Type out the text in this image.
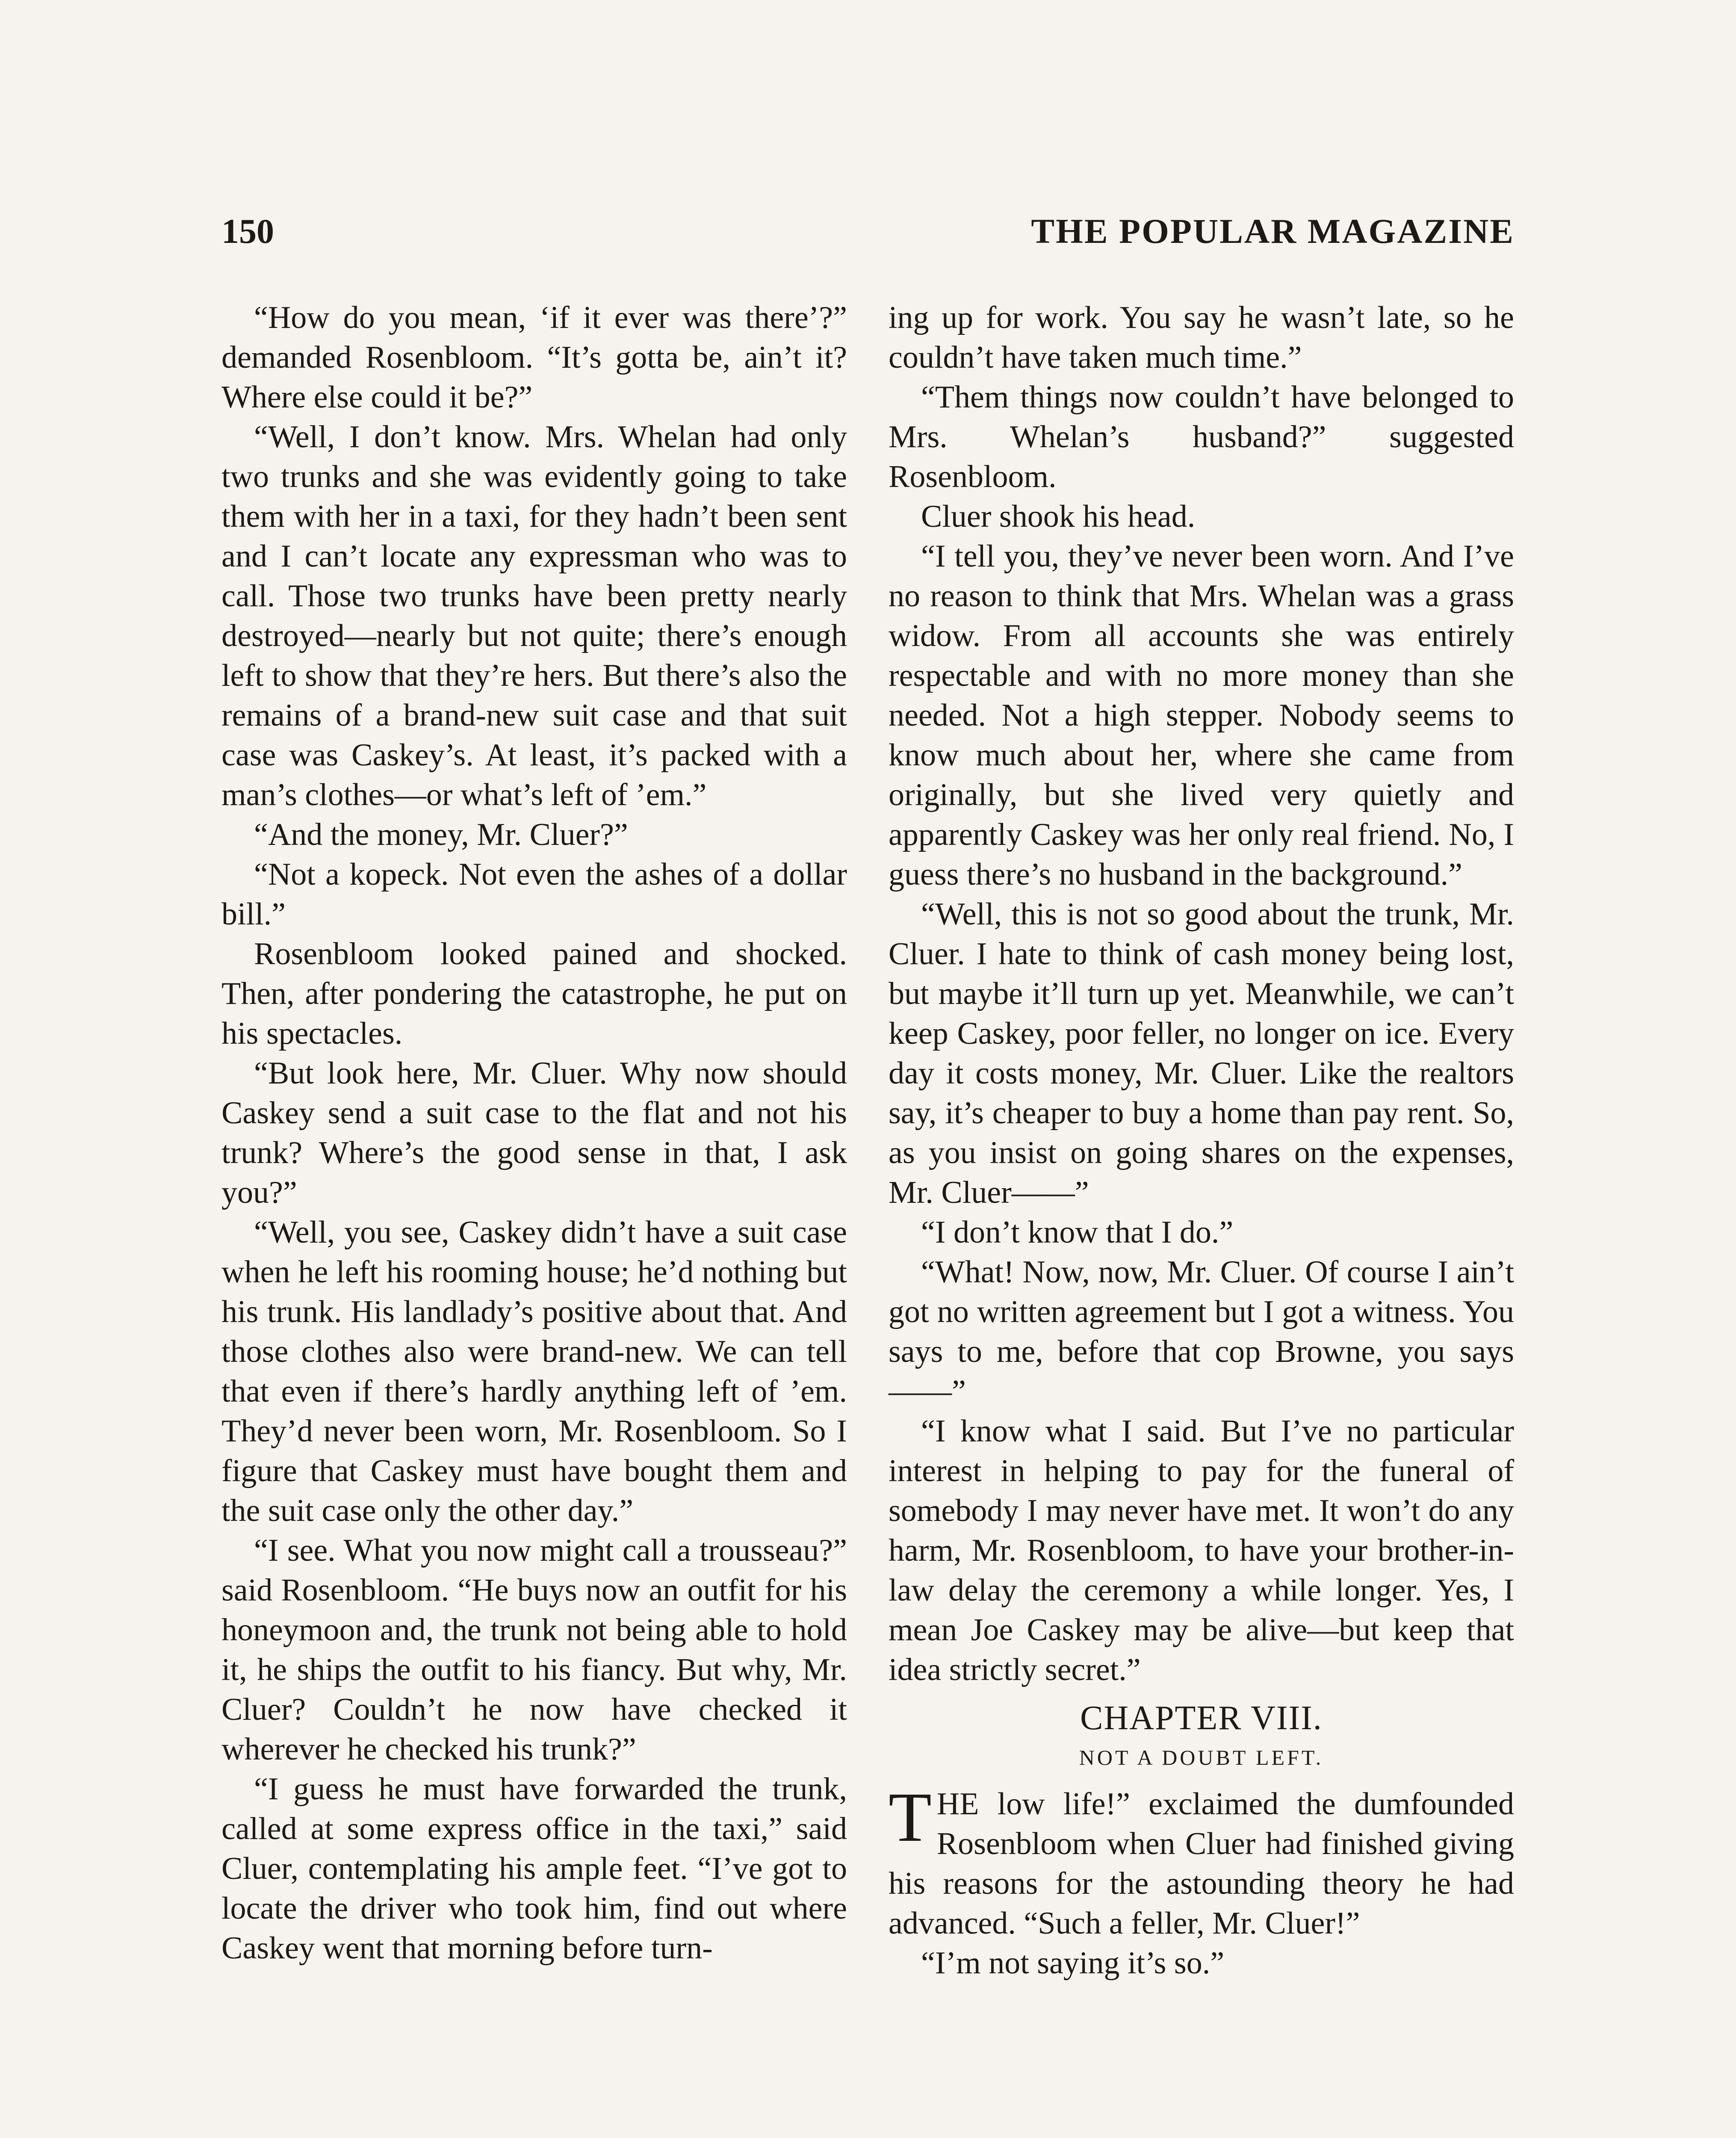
150	THE POPULAR MAGAZINE

“How do you mean, ‘if it ever was there’?” demanded Rosenbloom. “It’s gotta be, ain’t it? Where else could it be?”

“Well, I don’t know. Mrs. Whelan had only two trunks and she was evidently going to take them with her in a taxi, for they hadn’t been sent and I can’t locate any expressman who was to call. Those two trunks have been pretty nearly destroyed—nearly but not quite; there’s enough left to show that they’re hers. But there’s also the remains of a brand-new suit case and that suit case was Caskey’s. At least, it’s packed with a man’s clothes—or what’s left of ’em.”

“And the money, Mr. Cluer?”

“Not a kopeck. Not even the ashes of a dollar bill.”

Rosenbloom looked pained and shocked. Then, after pondering the catastrophe, he put on his spectacles.

“But look here, Mr. Cluer. Why now should Caskey send a suit case to the flat and not his trunk? Where’s the good sense in that, I ask you?”

“Well, you see, Caskey didn’t have a suit case when he left his rooming house; he’d nothing but his trunk. His landlady’s positive about that. And those clothes also were brand-new. We can tell that even if there’s hardly anything left of ’em. They’d never been worn, Mr. Rosenbloom. So I figure that Caskey must have bought them and the suit case only the other day.”

“I see. What you now might call a trousseau?” said Rosenbloom. “He buys now an outfit for his honeymoon and, the trunk not being able to hold it, he ships the outfit to his fiancy. But why, Mr. Cluer? Couldn’t he now have checked it wherever he checked his trunk?”

“I guess he must have forwarded the trunk, called at some express office in the taxi,” said Cluer, contemplating his ample feet. “I’ve got to locate the driver who took him, find out where Caskey went that morning before turn-

ing up for work. You say he wasn’t late, so he couldn’t have taken much time.”

“Them things now couldn’t have belonged to Mrs. Whelan’s husband?” suggested Rosenbloom.

Cluer shook his head.

“I tell you, they’ve never been worn. And I’ve no reason to think that Mrs. Whelan was a grass widow. From all accounts she was entirely respectable and with no more money than she needed. Not a high stepper. Nobody seems to know much about her, where she came from originally, but she lived very quietly and apparently Caskey was her only real friend. No, I guess there’s no husband in the background.”

“Well, this is not so good about the trunk, Mr. Cluer. I hate to think of cash money being lost, but maybe it’ll turn up yet. Meanwhile, we can’t keep Caskey, poor feller, no longer on ice. Every day it costs money, Mr. Cluer. Like the realtors say, it’s cheaper to buy a home than pay rent. So, as you insist on going shares on the expenses, Mr. Cluer——”

“I don’t know that I do.”

“What! Now, now, Mr. Cluer. Of course I ain’t got no written agreement but I got a witness. You says to me, before that cop Browne, you says——”

“I know what I said. But I’ve no particular interest in helping to pay for the funeral of somebody I may never have met. It won’t do any harm, Mr. Rosenbloom, to have your brother-in-law delay the ceremony a while longer. Yes, I mean Joe Caskey may be alive—but keep that idea strictly secret.”

CHAPTER VIII.
NOT A DOUBT LEFT.

THE low life!” exclaimed the dumfounded Rosenbloom when Cluer had finished giving his reasons for the astounding theory he had advanced. “Such a feller, Mr. Cluer!”

“I’m not saying it’s so.”
